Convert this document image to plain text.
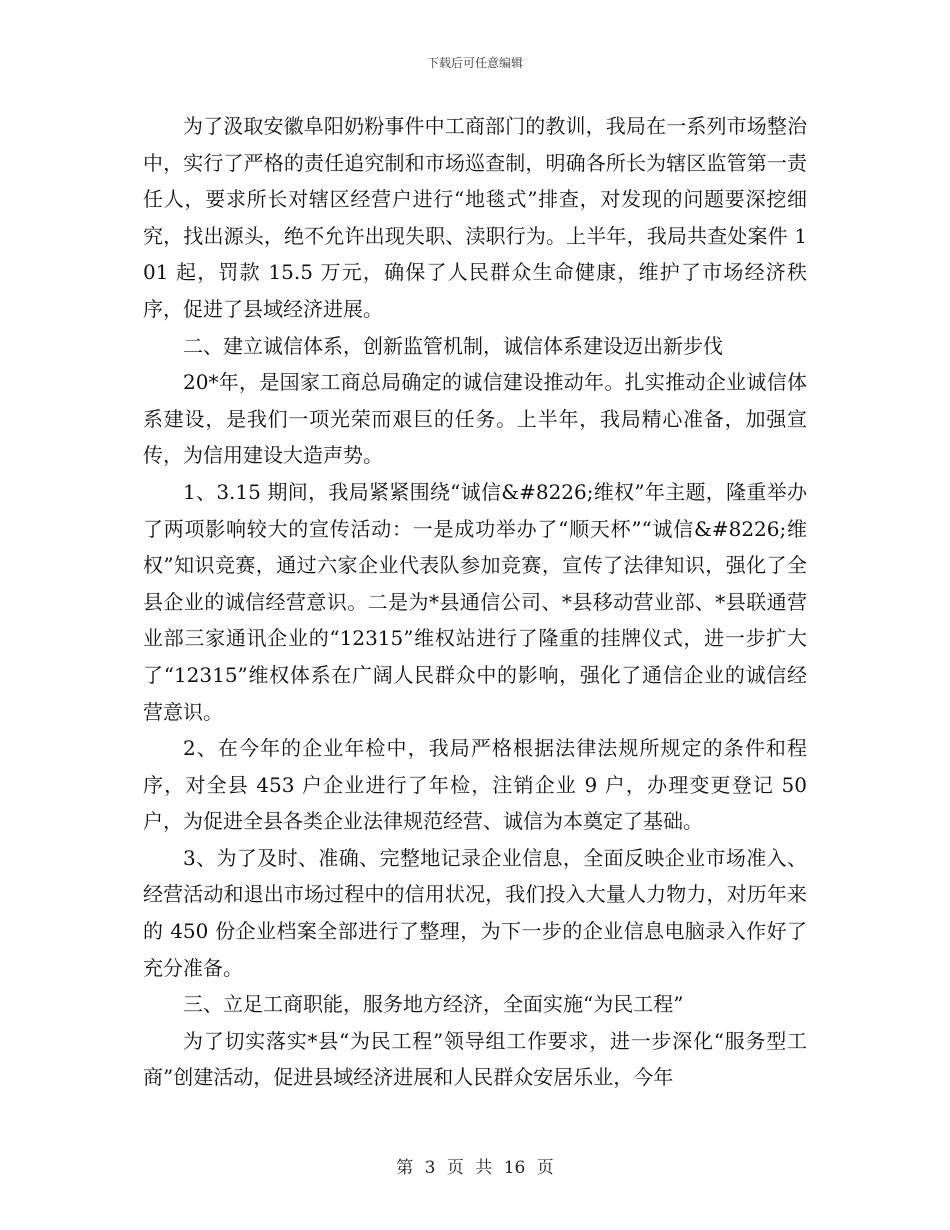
下载后可任意编辑

为了汲取安徽阜阳奶粉事件中工商部门的教训，我局在一系列市场整治中，实行了严格的责任追究制和市场巡查制，明确各所长为辖区监管第一责任人，要求所长对辖区经营户进行“地毯式”排查，对发现的问题要深挖细究，找出源头，绝不允许出现失职、渎职行为。上半年，我局共查处案件 101 起，罚款 15.5 万元，确保了人民群众生命健康，维护了市场经济秩序，促进了县域经济进展。

二、建立诚信体系，创新监管机制，诚信体系建设迈出新步伐

20*年，是国家工商总局确定的诚信建设推动年。扎实推动企业诚信体系建设，是我们一项光荣而艰巨的任务。上半年，我局精心准备，加强宣传，为信用建设大造声势。

1、3.15 期间，我局紧紧围绕“诚信&#8226;维权”年主题，隆重举办了两项影响较大的宣传活动：一是成功举办了“顺天杯”“诚信&#8226;维权”知识竞赛，通过六家企业代表队参加竞赛，宣传了法律知识，强化了全县企业的诚信经营意识。二是为*县通信公司、*县移动营业部、*县联通营业部三家通讯企业的“12315”维权站进行了隆重的挂牌仪式，进一步扩大了“12315”维权体系在广阔人民群众中的影响，强化了通信企业的诚信经营意识。

2、在今年的企业年检中，我局严格根据法律法规所规定的条件和程序，对全县 453 户企业进行了年检，注销企业 9 户，办理变更登记 50 户，为促进全县各类企业法律规范经营、诚信为本奠定了基础。

3、为了及时、准确、完整地记录企业信息，全面反映企业市场准入、经营活动和退出市场过程中的信用状况，我们投入大量人力物力，对历年来的 450 份企业档案全部进行了整理，为下一步的企业信息电脑录入作好了充分准备。

三、立足工商职能，服务地方经济，全面实施“为民工程”

为了切实落实*县“为民工程”领导组工作要求，进一步深化“服务型工商”创建活动，促进县域经济进展和人民群众安居乐业，今年

第 3 页 共 16 页
